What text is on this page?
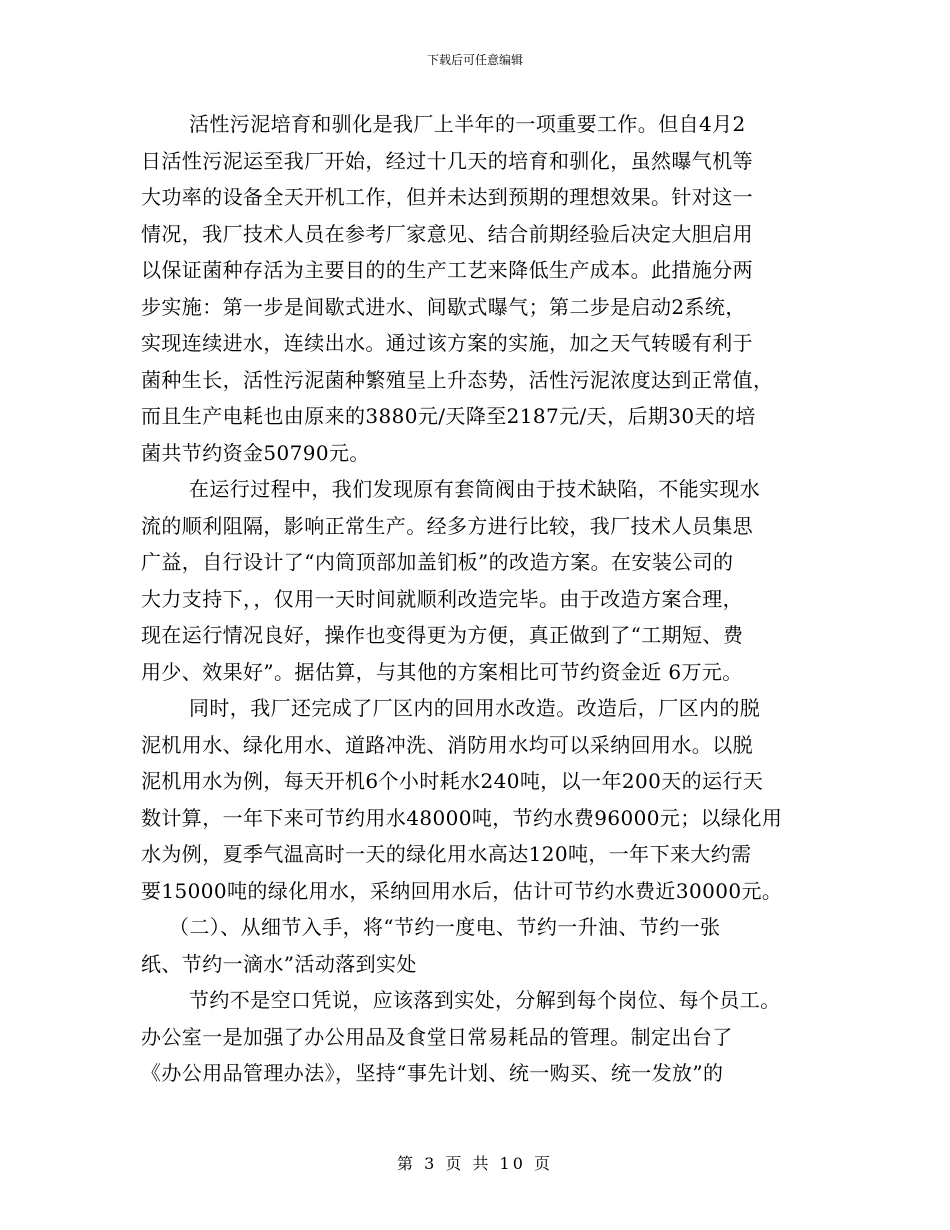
下载后可任意编辑
活性污泥培育和驯化是我厂上半年的一项重要工作。但自4月2
日活性污泥运至我厂开始，经过十几天的培育和驯化，虽然曝气机等
大功率的设备全天开机工作，但并未达到预期的理想效果。针对这一
情况，我厂技术人员在参考厂家意见、结合前期经验后决定大胆启用
以保证菌种存活为主要目的的生产工艺来降低生产成本。此措施分两
步实施：第一步是间歇式进水、间歇式曝气；第二步是启动2系统，
实现连续进水，连续出水。通过该方案的实施，加之天气转暖有利于
菌种生长，活性污泥菌种繁殖呈上升态势，活性污泥浓度达到正常值，
而且生产电耗也由原来的3880元/天降至2187元/天，后期30天的培
菌共节约资金50790元。
在运行过程中，我们发现原有套筒阀由于技术缺陷，不能实现水
流的顺利阻隔，影响正常生产。经多方进行比较，我厂技术人员集思
广益，自行设计了“内筒顶部加盖钔板”的改造方案。在安装公司的
大力支持下，，仅用一天时间就顺利改造完毕。由于改造方案合理，
现在运行情况良好，操作也变得更为方便，真正做到了“工期短、费
用少、效果好”。据估算，与其他的方案相比可节约资金近 6万元。
同时，我厂还完成了厂区内的回用水改造。改造后，厂区内的脱
泥机用水、绿化用水、道路冲洗、消防用水均可以采纳回用水。以脱
泥机用水为例，每天开机6个小时耗水240吨，以一年200天的运行天
数计算，一年下来可节约用水48000吨，节约水费96000元；以绿化用
水为例，夏季气温高时一天的绿化用水高达120吨，一年下来大约需
要15000吨的绿化用水，采纳回用水后，估计可节约水费近30000元。
（二）、从细节入手，将“节约一度电、节约一升油、节约一张
纸、节约一滴水”活动落到实处
节约不是空口凭说，应该落到实处，分解到每个岗位、每个员工。
办公室一是加强了办公用品及食堂日常易耗品的管理。制定出台了
《办公用品管理办法》，坚持“事先计划、统一购买、统一发放”的
第 3 页 共 10 页
